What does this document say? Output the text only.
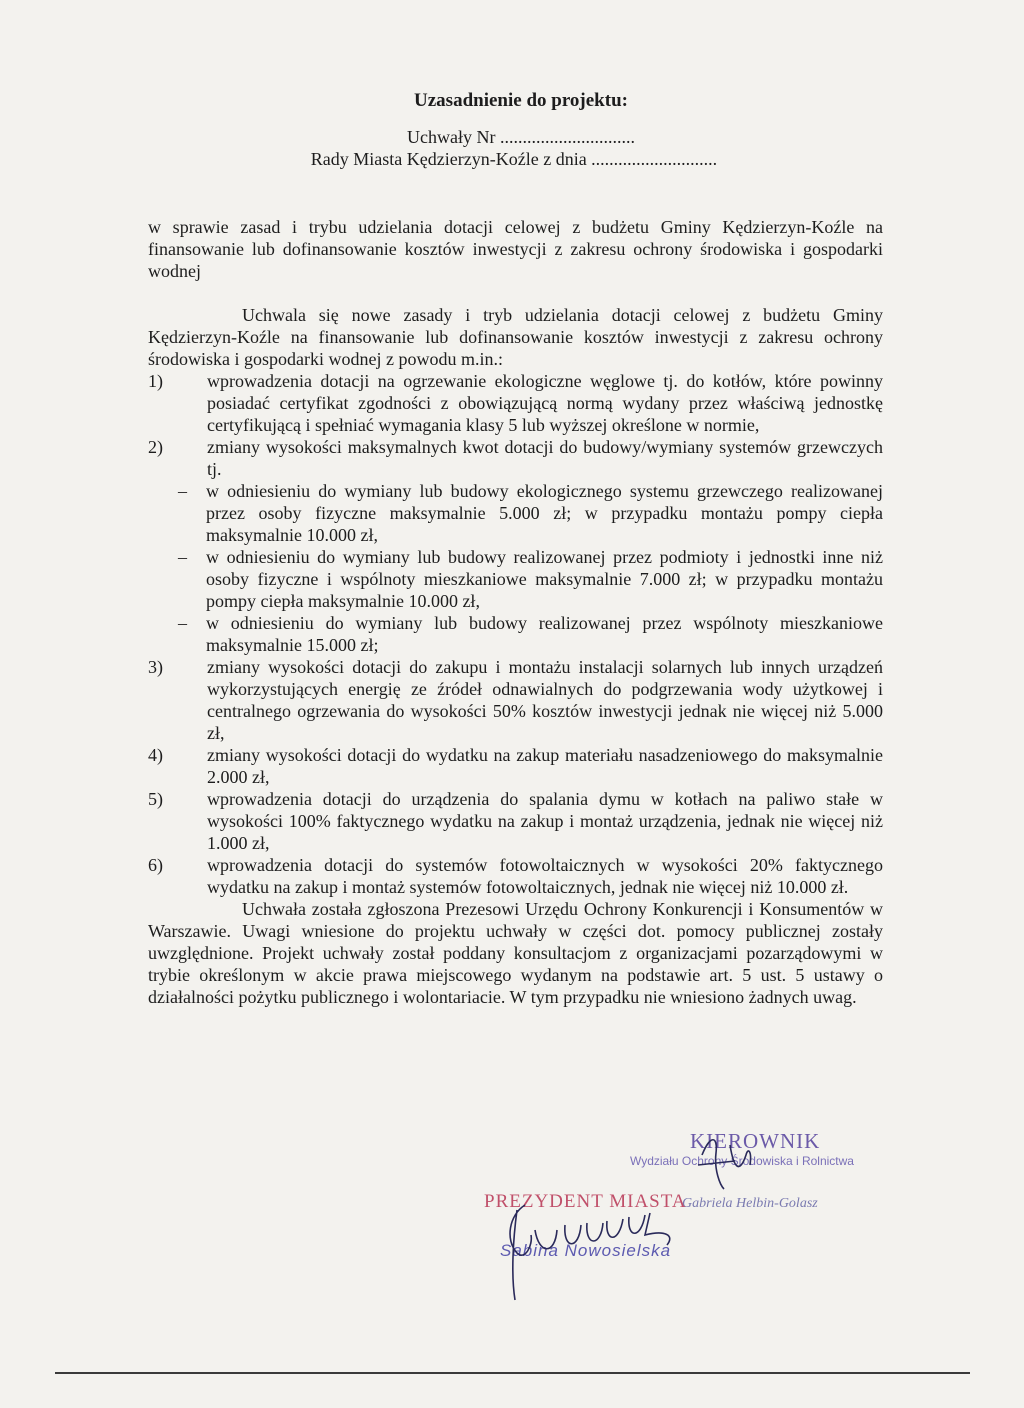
Uzasadnienie do projektu:
Uchwały Nr ..............................
Rady Miasta Kędzierzyn-Koźle z dnia ............................

w sprawie zasad i trybu udzielania dotacji celowej z budżetu Gminy Kędzierzyn-Koźle na finansowanie lub dofinansowanie kosztów inwestycji z zakresu ochrony środowiska i gospodarki wodnej

Uchwala się nowe zasady i tryb udzielania dotacji celowej z budżetu Gminy Kędzierzyn-Koźle na finansowanie lub dofinansowanie kosztów inwestycji z zakresu ochrony środowiska i gospodarki wodnej z powodu m.in.:

1)	wprowadzenia dotacji na ogrzewanie ekologiczne węglowe tj. do kotłów, które powinny posiadać certyfikat zgodności z obowiązującą normą wydany przez właściwą jednostkę certyfikującą i spełniać wymagania klasy 5 lub wyższej określone w normie,
2)	zmiany wysokości maksymalnych kwot dotacji do budowy/wymiany systemów grzewczych tj.
–	w odniesieniu do wymiany lub budowy ekologicznego systemu grzewczego realizowanej przez osoby fizyczne maksymalnie 5.000 zł; w przypadku montażu pompy ciepła maksymalnie 10.000 zł,
–	w odniesieniu do wymiany lub budowy realizowanej przez podmioty i jednostki inne niż osoby fizyczne i wspólnoty mieszkaniowe maksymalnie 7.000 zł; w przypadku montażu pompy ciepła maksymalnie 10.000 zł,
–	w odniesieniu do wymiany lub budowy realizowanej przez wspólnoty mieszkaniowe maksymalnie 15.000 zł;
3)	zmiany wysokości dotacji do zakupu i montażu instalacji solarnych lub innych urządzeń wykorzystujących energię ze źródeł odnawialnych do podgrzewania wody użytkowej i centralnego ogrzewania do wysokości 50% kosztów inwestycji jednak nie więcej niż 5.000 zł,
4)	zmiany wysokości dotacji do wydatku na zakup materiału nasadzeniowego do maksymalnie 2.000 zł,
5)	wprowadzenia dotacji do urządzenia do spalania dymu w kotłach na paliwo stałe w wysokości 100% faktycznego wydatku na zakup i montaż urządzenia, jednak nie więcej niż 1.000 zł,
6)	wprowadzenia dotacji do systemów fotowoltaicznych w wysokości 20% faktycznego wydatku na zakup i montaż systemów fotowoltaicznych, jednak nie więcej niż 10.000 zł.

Uchwała została zgłoszona Prezesowi Urzędu Ochrony Konkurencji i Konsumentów w Warszawie. Uwagi wniesione do projektu uchwały w części dot. pomocy publicznej zostały uwzględnione. Projekt uchwały został poddany konsultacjom z organizacjami pozarządowymi w trybie określonym w akcie prawa miejscowego wydanym na podstawie art. 5 ust. 5 ustawy o działalności pożytku publicznego i wolontariacie. W tym przypadku nie wniesiono żadnych uwag.

KIEROWNIK
Wydziału Ochrony Środowiska i Rolnictwa
Gabriela Helbin-Golasz
PREZYDENT MIASTA
Sabina Nowosielska
